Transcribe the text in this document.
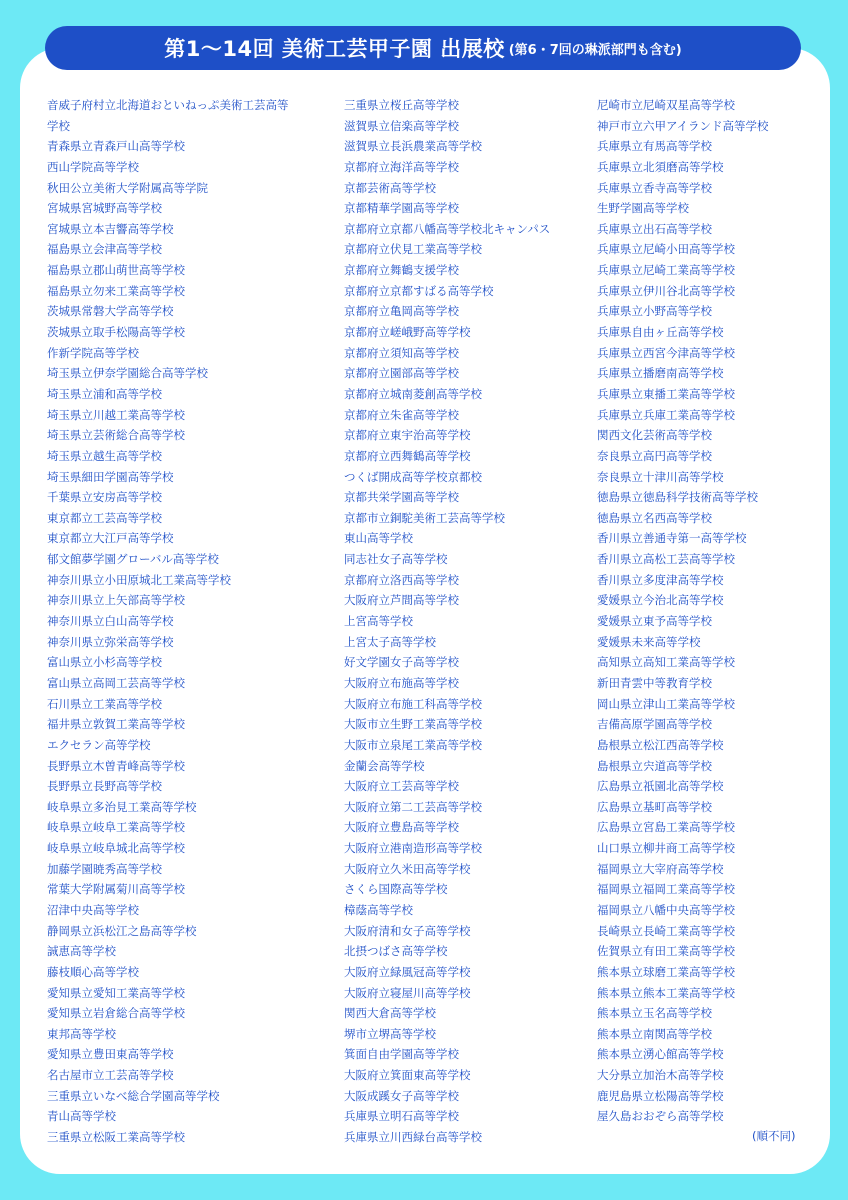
第1〜14回 美術工芸甲子園 出展校 (第6・7回の琳派部門も含む)
音威子府村立北海道おといねっぷ美術工芸高等
学校
青森県立青森戸山高等学校
西山学院高等学校
秋田公立美術大学附属高等学院
宮城県宮城野高等学校
宮城県立本吉響高等学校
福島県立会津高等学校
福島県立郡山萌世高等学校
福島県立勿来工業高等学校
茨城県常磐大学高等学校
茨城県立取手松陽高等学校
作新学院高等学校
埼玉県立伊奈学園総合高等学校
埼玉県立浦和高等学校
埼玉県立川越工業高等学校
埼玉県立芸術総合高等学校
埼玉県立越生高等学校
埼玉県細田学園高等学校
千葉県立安房高等学校
東京都立工芸高等学校
東京都立大江戸高等学校
郁文館夢学園グローバル高等学校
神奈川県立小田原城北工業高等学校
神奈川県立上矢部高等学校
神奈川県立白山高等学校
神奈川県立弥栄高等学校
富山県立小杉高等学校
富山県立高岡工芸高等学校
石川県立工業高等学校
福井県立敦賀工業高等学校
エクセラン高等学校
長野県立木曽青峰高等学校
長野県立長野高等学校
岐阜県立多治見工業高等学校
岐阜県立岐阜工業高等学校
岐阜県立岐阜城北高等学校
加藤学園暁秀高等学校
常葉大学附属菊川高等学校
沼津中央高等学校
静岡県立浜松江之島高等学校
誠恵高等学校
藤枝順心高等学校
愛知県立愛知工業高等学校
愛知県立岩倉総合高等学校
東邦高等学校
愛知県立豊田東高等学校
名古屋市立工芸高等学校
三重県立いなべ総合学園高等学校
青山高等学校
三重県立松阪工業高等学校
三重県立桜丘高等学校
滋賀県立信楽高等学校
滋賀県立長浜農業高等学校
京都府立海洋高等学校
京都芸術高等学校
京都精華学園高等学校
京都府立京都八幡高等学校北キャンパス
京都府立伏見工業高等学校
京都府立舞鶴支援学校
京都府立京都すばる高等学校
京都府立亀岡高等学校
京都府立嵯峨野高等学校
京都府立須知高等学校
京都府立園部高等学校
京都府立城南菱創高等学校
京都府立朱雀高等学校
京都府立東宇治高等学校
京都府立西舞鶴高等学校
つくば開成高等学校京都校
京都共栄学園高等学校
京都市立銅駝美術工芸高等学校
東山高等学校
同志社女子高等学校
京都府立洛西高等学校
大阪府立芦間高等学校
上宮高等学校
上宮太子高等学校
好文学園女子高等学校
大阪府立布施高等学校
大阪府立布施工科高等学校
大阪市立生野工業高等学校
大阪市立泉尾工業高等学校
金蘭会高等学校
大阪府立工芸高等学校
大阪府立第二工芸高等学校
大阪府立豊島高等学校
大阪府立港南造形高等学校
大阪府立久米田高等学校
さくら国際高等学校
樟蔭高等学校
大阪府清和女子高等学校
北摂つばさ高等学校
大阪府立緑風冠高等学校
大阪府立寝屋川高等学校
関西大倉高等学校
堺市立堺高等学校
箕面自由学園高等学校
大阪府立箕面東高等学校
大阪成蹊女子高等学校
兵庫県立明石高等学校
兵庫県立川西緑台高等学校
尼崎市立尼崎双星高等学校
神戸市立六甲アイランド高等学校
兵庫県立有馬高等学校
兵庫県立北須磨高等学校
兵庫県立香寺高等学校
生野学園高等学校
兵庫県立出石高等学校
兵庫県立尼崎小田高等学校
兵庫県立尼崎工業高等学校
兵庫県立伊川谷北高等学校
兵庫県立小野高等学校
兵庫県自由ヶ丘高等学校
兵庫県立西宮今津高等学校
兵庫県立播磨南高等学校
兵庫県立東播工業高等学校
兵庫県立兵庫工業高等学校
関西文化芸術高等学校
奈良県立高円高等学校
奈良県立十津川高等学校
徳島県立徳島科学技術高等学校
徳島県立名西高等学校
香川県立善通寺第一高等学校
香川県立高松工芸高等学校
香川県立多度津高等学校
愛媛県立今治北高等学校
愛媛県立東予高等学校
愛媛県未来高等学校
高知県立高知工業高等学校
新田青雲中等教育学校
岡山県立津山工業高等学校
吉備高原学園高等学校
島根県立松江西高等学校
島根県立宍道高等学校
広島県立祇園北高等学校
広島県立基町高等学校
広島県立宮島工業高等学校
山口県立柳井商工高等学校
福岡県立大宰府高等学校
福岡県立福岡工業高等学校
福岡県立八幡中央高等学校
長崎県立長崎工業高等学校
佐賀県立有田工業高等学校
熊本県立球磨工業高等学校
熊本県立熊本工業高等学校
熊本県立玉名高等学校
熊本県立南関高等学校
熊本県立湧心館高等学校
大分県立加治木高等学校
鹿児島県立松陽高等学校
屋久島おおぞら高等学校
(順不同)
